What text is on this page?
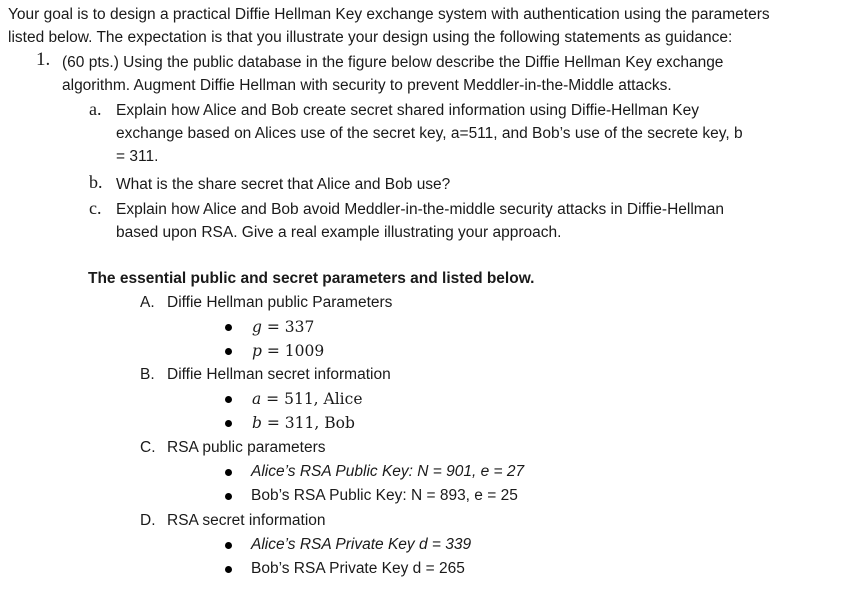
Your goal is to design a practical Diffie Hellman Key exchange system with authentication using the parameters
listed below. The expectation is that you illustrate your design using the following statements as guidance:
1. (60 pts.) Using the public database in the figure below describe the Diffie Hellman Key exchange
algorithm. Augment Diffie Hellman with security to prevent Meddler-in-the-Middle attacks.
a. Explain how Alice and Bob create secret shared information using Diffie-Hellman Key
exchange based on Alices use of the secret key, a=511, and Bob’s use of the secrete key, b
= 311.
b. What is the share secret that Alice and Bob use?
c. Explain how Alice and Bob avoid Meddler-in-the-middle security attacks in Diffie-Hellman
based upon RSA. Give a real example illustrating your approach.
The essential public and secret parameters and listed below.
A. Diffie Hellman public Parameters
g = 337
p = 1009
B. Diffie Hellman secret information
a = 511, Alice
b = 311, Bob
C. RSA public parameters
Alice’s RSA Public Key: N = 901, e = 27
Bob’s RSA Public Key: N = 893, e = 25
D. RSA secret information
Alice’s RSA Private Key d = 339
Bob’s RSA Private Key d = 265
